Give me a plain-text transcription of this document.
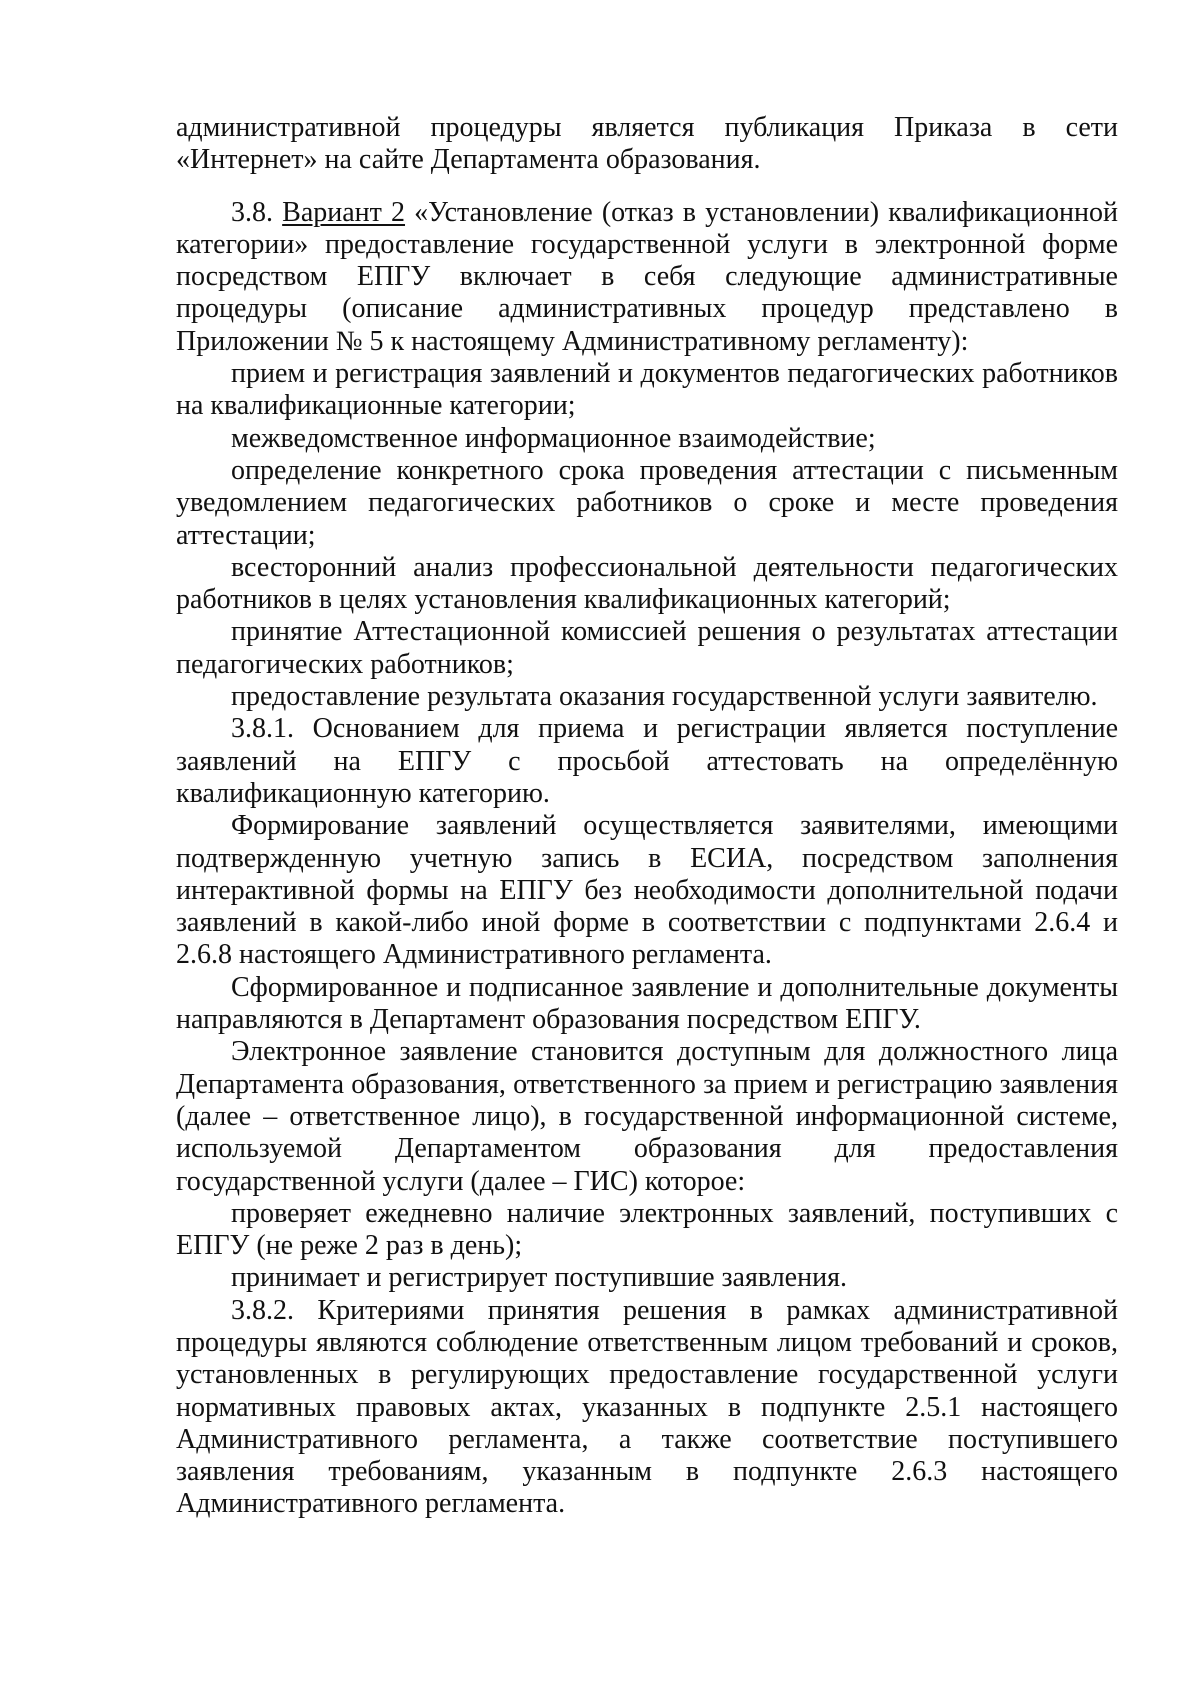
административной процедуры является публикация Приказа в сети «Интернет» на сайте Департамента образования.

3.8. Вариант 2 «Установление (отказ в установлении) квалификационной категории» предоставление государственной услуги в электронной форме посредством ЕПГУ включает в себя следующие административные процедуры (описание административных процедур представлено в Приложении № 5 к настоящему Административному регламенту):

прием и регистрация заявлений и документов педагогических работников на квалификационные категории;

межведомственное информационное взаимодействие;

определение конкретного срока проведения аттестации с письменным уведомлением педагогических работников о сроке и месте проведения аттестации;

всесторонний анализ профессиональной деятельности педагогических работников в целях установления квалификационных категорий;

принятие Аттестационной комиссией решения о результатах аттестации педагогических работников;

предоставление результата оказания государственной услуги заявителю.

3.8.1. Основанием для приема и регистрации является поступление заявлений на ЕПГУ с просьбой аттестовать на определённую квалификационную категорию.

Формирование заявлений осуществляется заявителями, имеющими подтвержденную учетную запись в ЕСИА, посредством заполнения интерактивной формы на ЕПГУ без необходимости дополнительной подачи заявлений в какой-либо иной форме в соответствии с подпунктами 2.6.4 и 2.6.8 настоящего Административного регламента.

Сформированное и подписанное заявление и дополнительные документы направляются в Департамент образования посредством ЕПГУ.

Электронное заявление становится доступным для должностного лица Департамента образования, ответственного за прием и регистрацию заявления (далее – ответственное лицо), в государственной информационной системе, используемой Департаментом образования для предоставления государственной услуги (далее – ГИС) которое:

проверяет ежедневно наличие электронных заявлений, поступивших с ЕПГУ (не реже 2 раз в день);

принимает и регистрирует поступившие заявления.

3.8.2. Критериями принятия решения в рамках административной процедуры являются соблюдение ответственным лицом требований и сроков, установленных в регулирующих предоставление государственной услуги нормативных правовых актах, указанных в подпункте 2.5.1 настоящего Административного регламента, а также соответствие поступившего заявления требованиям, указанным в подпункте 2.6.3 настоящего Административного регламента.
